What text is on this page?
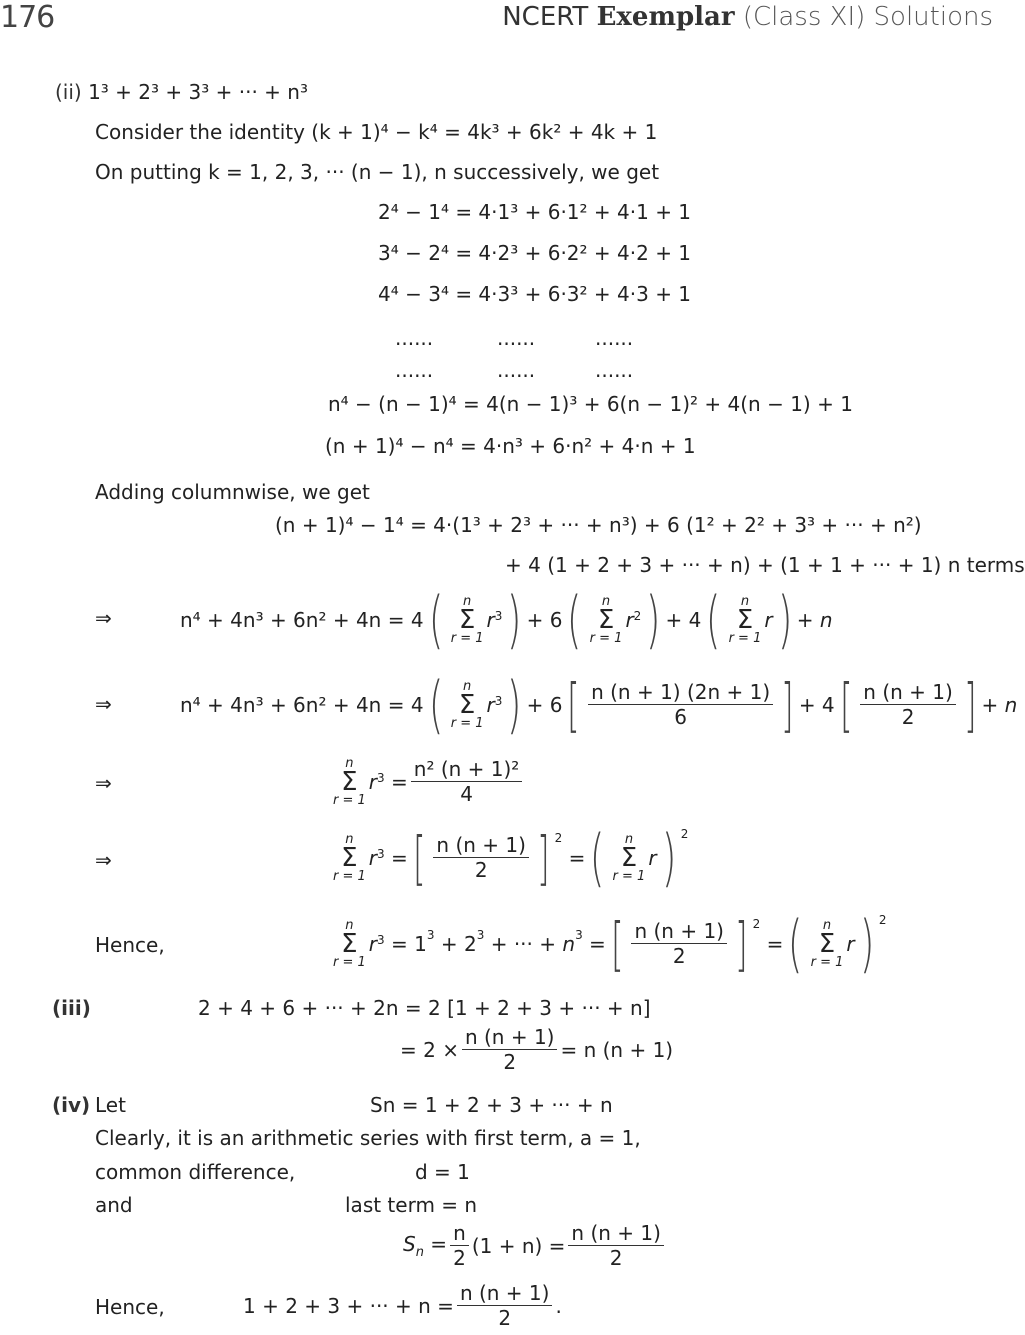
176	NCERT Exemplar (Class XI) Solutions
(ii) 1³ + 2³ + 3³ + ··· + n³
Consider the identity (k + 1)⁴ − k⁴ = 4k³ + 6k² + 4k + 1
On putting k = 1, 2, 3, ··· (n − 1), n successively, we get
2⁴ − 1⁴ = 4·1³ + 6·1² + 4·1 + 1
3⁴ − 2⁴ = 4·2³ + 6·2² + 4·2 + 1
4⁴ − 3⁴ = 4·3³ + 6·3² + 4·3 + 1
......	......	......
......	......	......
n⁴ − (n − 1)⁴ = 4(n − 1)³ + 6(n − 1)² + 4(n − 1) + 1
(n + 1)⁴ − n⁴ = 4·n³ + 6·n² + 4·n + 1
Adding columnwise, we get
(n + 1)⁴ − 1⁴ = 4·(1³ + 2³ + ··· + n³) + 6 (1² + 2² + 3³ + ··· + n²)
+ 4 (1 + 2 + 3 + ··· + n) + (1 + 1 + ··· + 1) n terms
⇒	n⁴ + 4n³ + 6n² + 4n = 4 ( n
Σ
r = 1
$r^3$ ) + 6 ( n
Σ
r = 1
$r^2$ ) + 4 ( n
Σ
r = 1
r ) + n
⇒	n⁴ + 4n³ + 6n² + 4n = 4 ( n
Σ
r = 1
$r^3$ ) + 6 [ $\frac{n (n + 1) (2n + 1)}{6}$ ] + 4 [ $\frac{n (n + 1)}{2}$ ] + n
⇒
n
Σ
r = 1
$r^3 = \frac{\text{n² (n + 1)²}}{4}$
⇒
n
Σ
r = 1
$r^3$ = [ $\frac{n (n + 1)}{2}$ ] $^2$
= ( n
Σ
r = 1
r ) $^2$
Hence,
n
Σ
r = 1
$r^3 = 1^3 + 2^3$ + ··· + $n^3$ = [ $\frac{n (n + 1)}{2}$ ] $^2$
= ( n
Σ
r = 1
r ) $^2$
(iii)	2 + 4 + 6 + ··· + 2n = 2 [1 + 2 + 3 + ··· + n]
= $2 \times \frac{n (n + 1)}{2} = n$ (n + 1)
(iv) Let	Sn = 1 + 2 + 3 + ··· + n
Clearly, it is an arithmetic series with first term, a = 1,
common difference,	d = 1
and	last term = n
$S_n = \frac{n}{2} (1 + n) = \frac{n (n + 1)}{2}$
Hence,	1 + 2 + 3 + ··· + $n = \frac{n (n + 1)}{2}$ .
